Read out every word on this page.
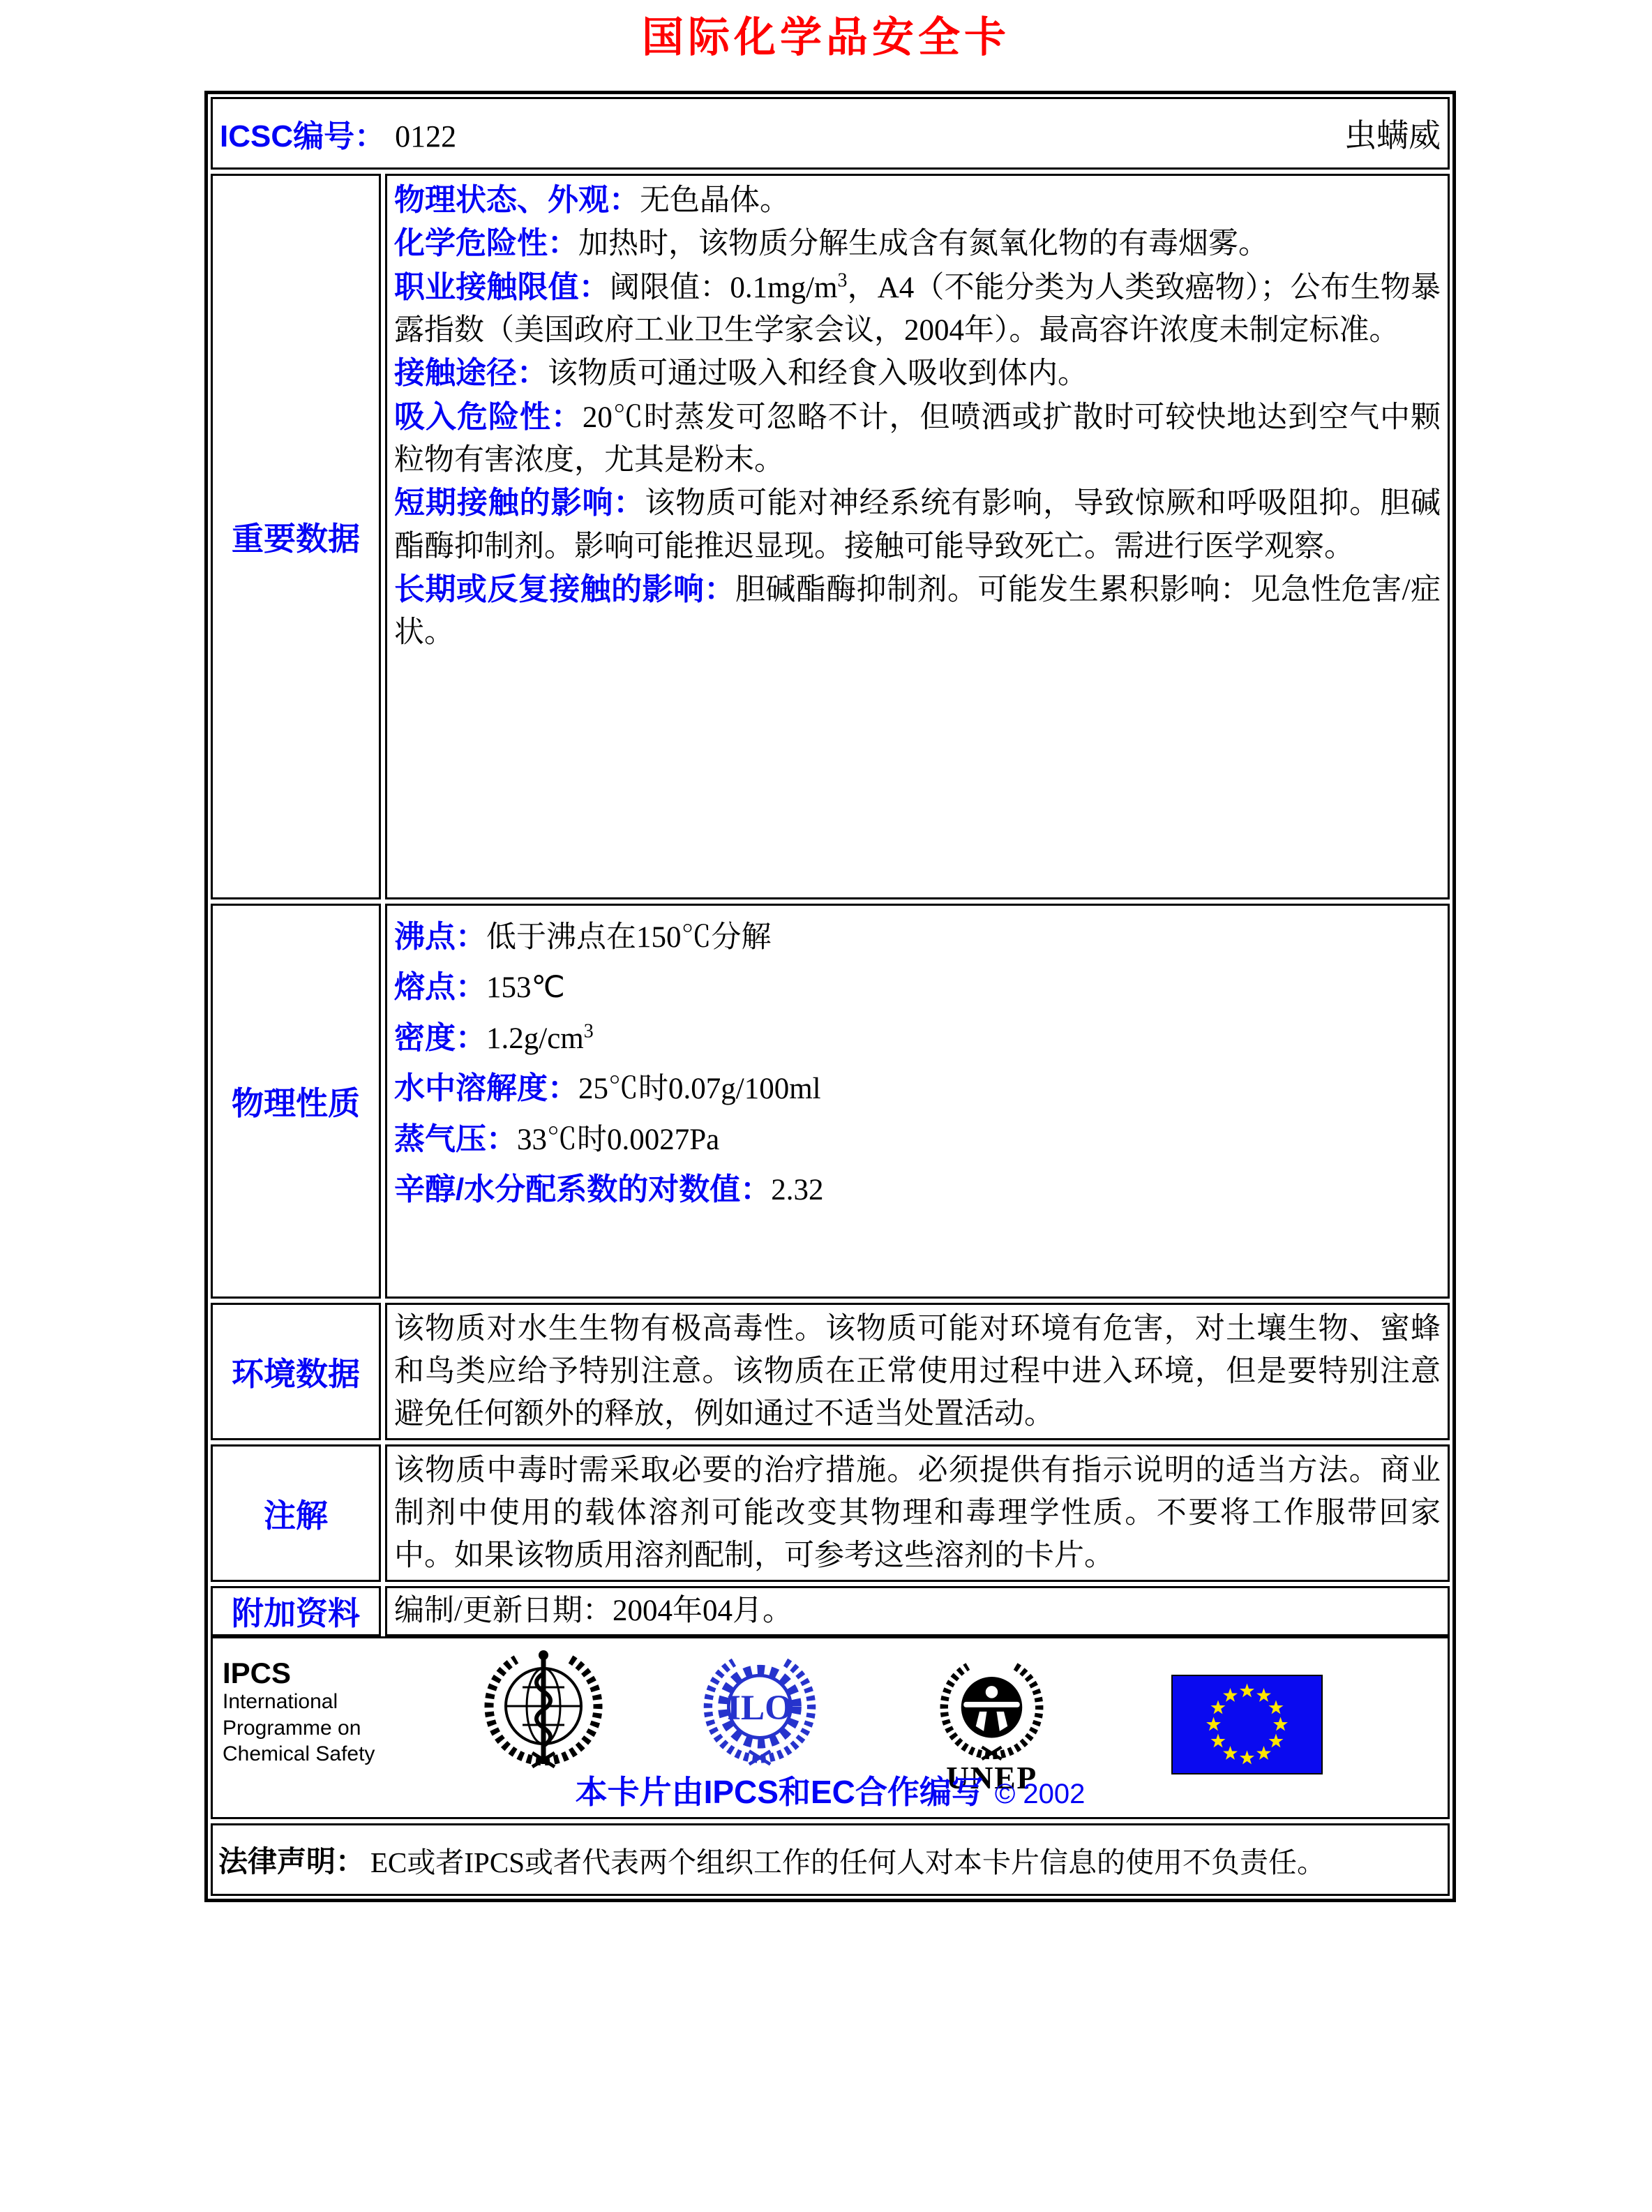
国际化学品安全卡
ICSC编号： 0122	虫螨威
重要数据
物理状态、外观：无色晶体。
化学危险性：加热时，该物质分解生成含有氮氧化物的有毒烟雾。
职业接触限值：阈限值：$0.1mg/m^3$，A4（不能分类为人类致癌物）；公布生物暴露指数（美国政府工业卫生学家会议，2004年）。最高容许浓度未制定标准。
接触途径：该物质可通过吸入和经食入吸收到体内。
吸入危险性：20℃时蒸发可忽略不计，但喷洒或扩散时可较快地达到空气中颗粒物有害浓度，尤其是粉末。
短期接触的影响：该物质可能对神经系统有影响，导致惊厥和呼吸阻抑。胆碱酯酶抑制剂。影响可能推迟显现。接触可能导致死亡。需进行医学观察。
长期或反复接触的影响：胆碱酯酶抑制剂。可能发生累积影响：见急性危害/症状。
物理性质
沸点：低于沸点在150℃分解
熔点：153℃
密度：$1.2g/cm^3$
水中溶解度：25℃时0.07g/100ml
蒸气压：33℃时0.0027Pa
辛醇/水分配系数的对数值：2.32
环境数据
该物质对水生生物有极高毒性。该物质可能对环境有危害，对土壤生物、蜜蜂和鸟类应给予特别注意。该物质在正常使用过程中进入环境，但是要特别注意避免任何额外的释放，例如通过不适当处置活动。
注解
该物质中毒时需采取必要的治疗措施。必须提供有指示说明的适当方法。商业制剂中使用的载体溶剂可能改变其物理和毒理学性质。不要将工作服带回家中。如果该物质用溶剂配制，可参考这些溶剂的卡片。
附加资料	编制/更新日期：2004年04月。
IPCS
International
Programme on
Chemical Safety
ILO
UNEP
本卡片由IPCS和EC合作编写 © 2002
法律声明： EC或者IPCS或者代表两个组织工作的任何人对本卡片信息的使用不负责任。
